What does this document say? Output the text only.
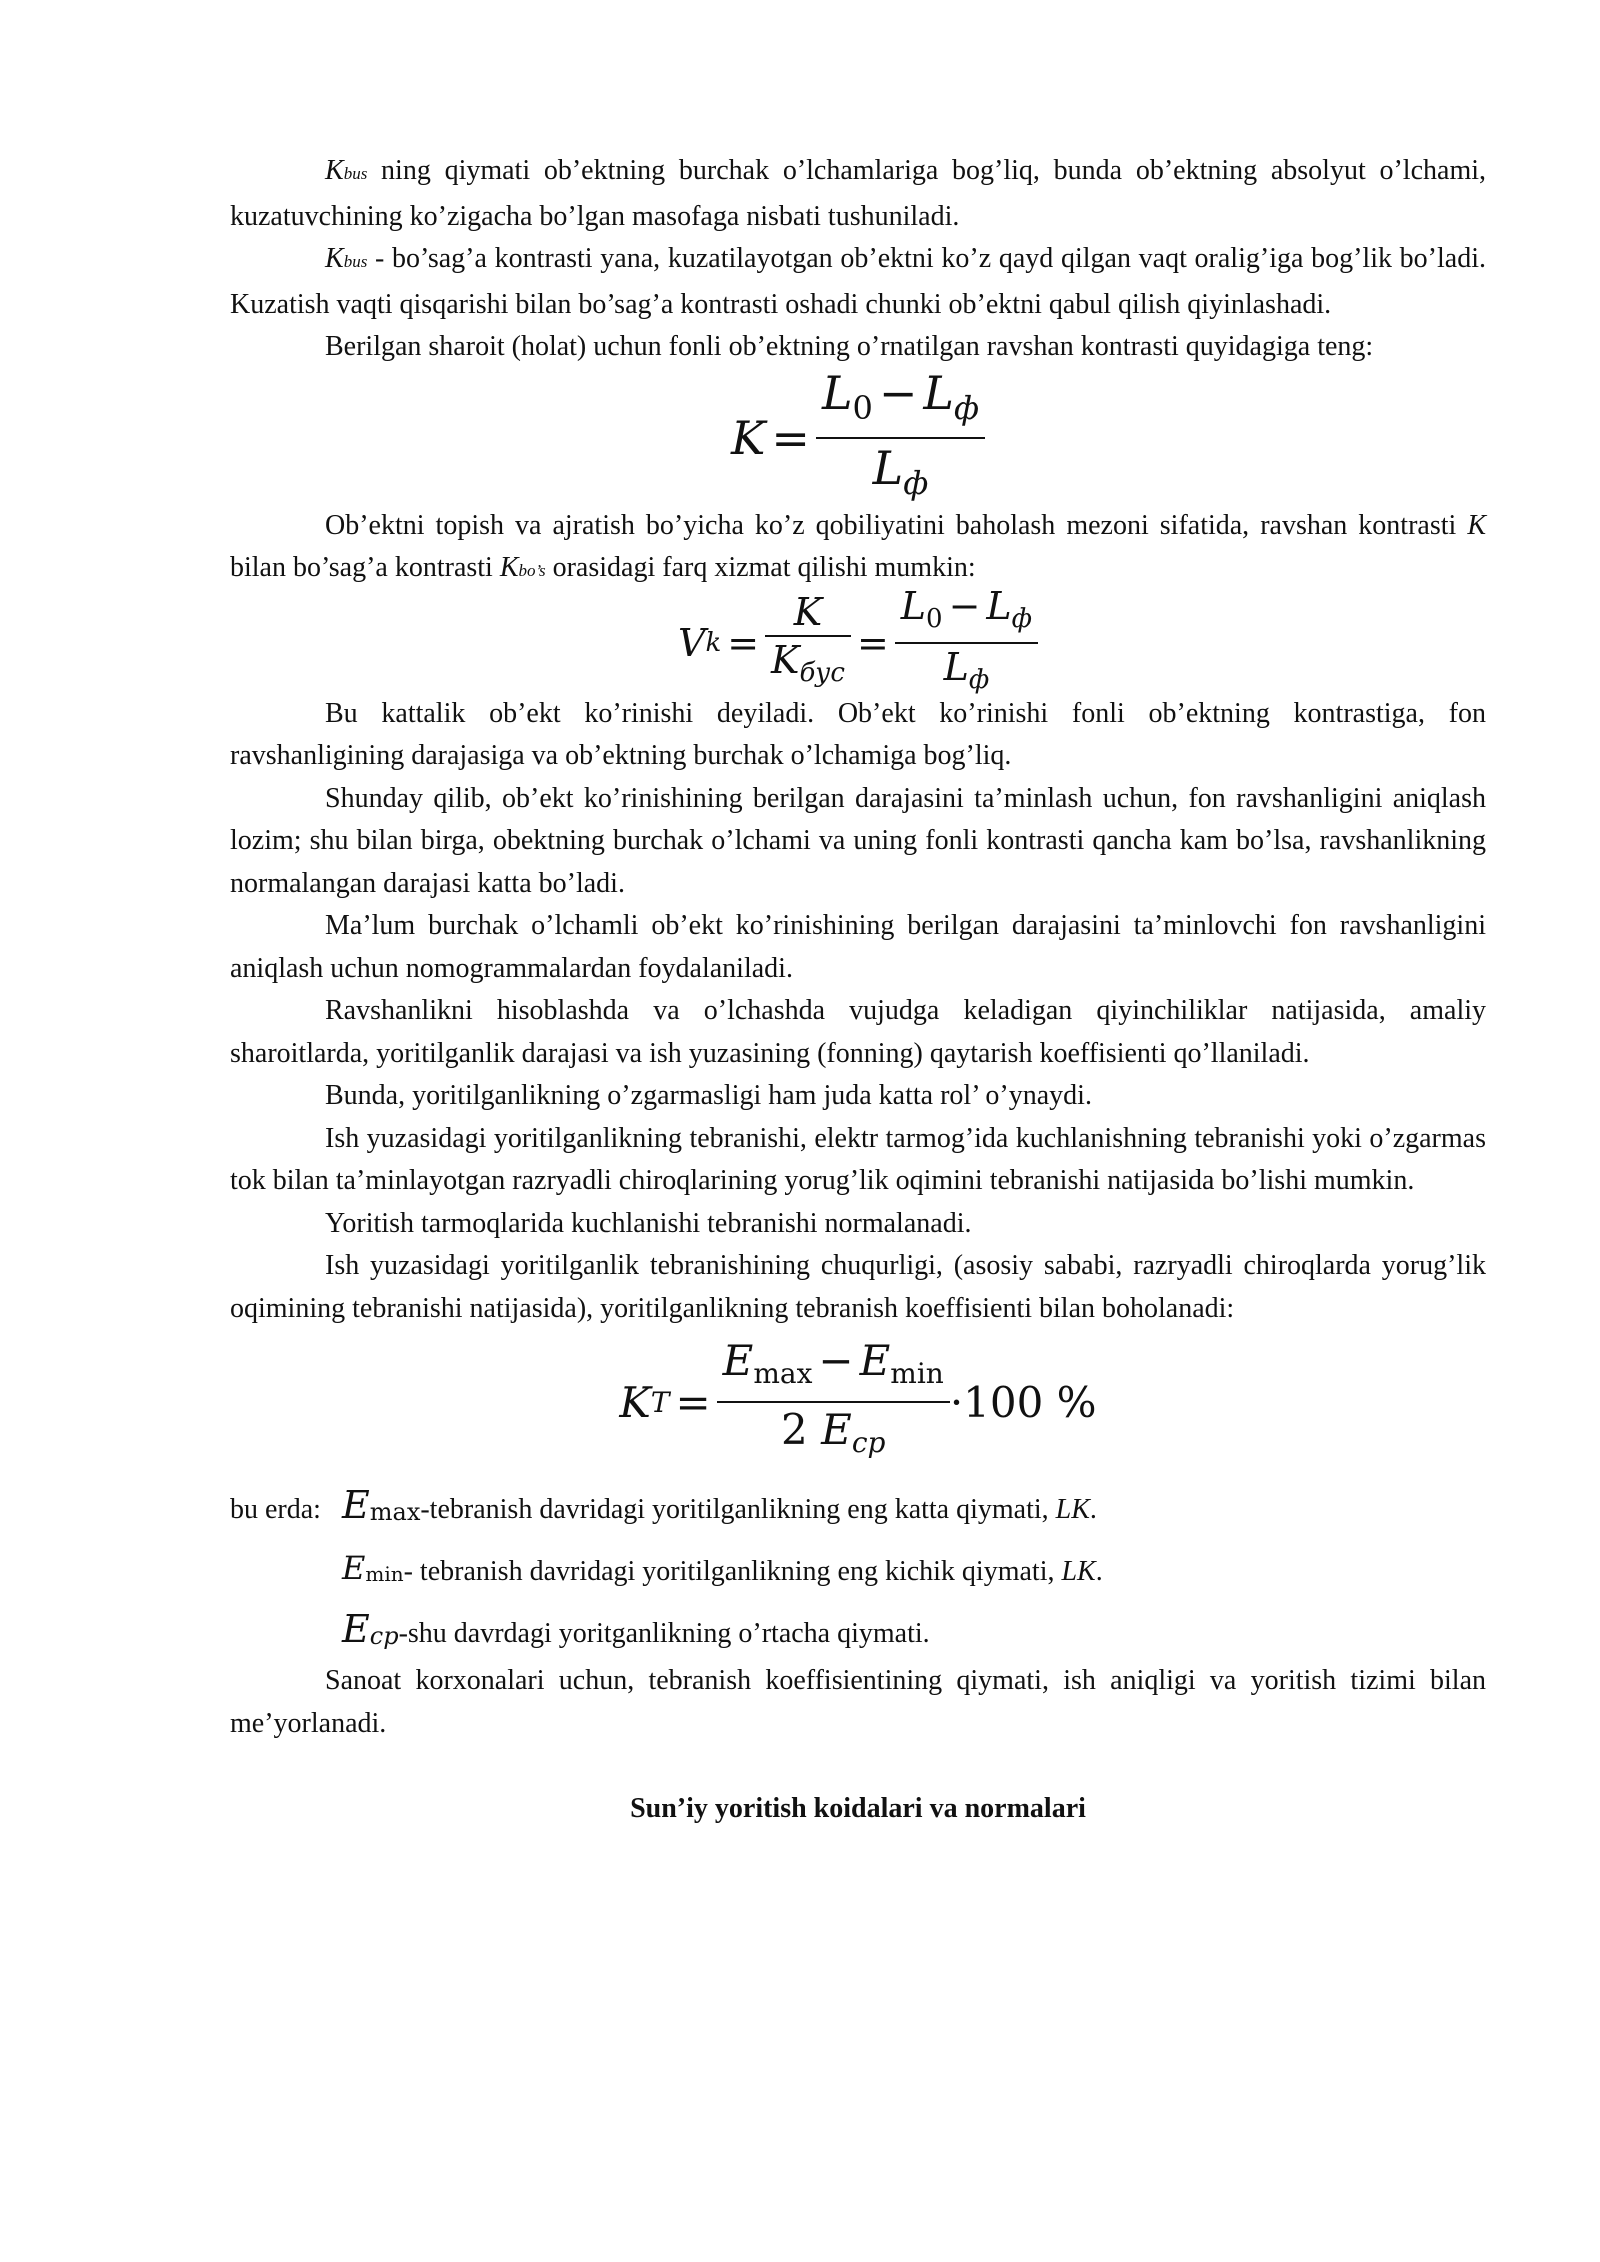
Kbus ning qiymati ob’ektning burchak o’lchamlariga bog’liq, bunda ob’ektning absolyut o’lchami, kuzatuvchining ko’zigacha bo’lgan masofaga nisbati tushuniladi.

Kbus - bo’sag’a kontrasti yana, kuzatilayotgan ob’ektni ko’z qayd qilgan vaqt oralig’iga bog’lik bo’ladi. Kuzatish vaqti qisqarishi bilan bo’sag’a kontrasti oshadi chunki ob’ektni qabul qilish qiyinlashadi.

Berilgan sharoit (holat) uchun fonli ob’ektning o’rnatilgan ravshan kontrasti quyidagiga teng:

$K = \frac{L_0 - L_ф}{L_ф}$

Ob’ektni topish va ajratish bo’yicha ko’z qobiliyatini baholash mezoni sifatida, ravshan kontrasti K bilan bo’sag’a kontrasti Kbo’s orasidagi farq xizmat qilishi mumkin:

V $k = \frac{K}{K_{бус}} = \frac{L_0 - L_ф}{L_ф}$

Bu kattalik ob’ekt ko’rinishi deyiladi. Ob’ekt ko’rinishi fonli ob’ektning kontrastiga, fon ravshanligining darajasiga va ob’ektning burchak o’lchamiga bog’liq.

Shunday qilib, ob’ekt ko’rinishining berilgan darajasini ta’minlash uchun, fon ravshanligini aniqlash lozim; shu bilan birga, obektning burchak o’lchami va uning fonli kontrasti qancha kam bo’lsa, ravshanlikning normalangan darajasi katta bo’ladi.

Ma’lum burchak o’lchamli ob’ekt ko’rinishining berilgan darajasini ta’minlovchi fon ravshanligini aniqlash uchun nomogrammalardan foydalaniladi.

Ravshanlikni hisoblashda va o’lchashda vujudga keladigan qiyinchiliklar natijasida, amaliy sharoitlarda, yoritilganlik darajasi va ish yuzasining (fonning) qaytarish koeffisienti qo’llaniladi.

Bunda, yoritilganlikning o’zgarmasligi ham juda katta rol’ o’ynaydi.

Ish yuzasidagi yoritilganlikning tebranishi, elektr tarmog’ida kuchlanishning tebranishi yoki o’zgarmas tok bilan ta’minlayotgan razryadli chiroqlarining yorug’lik oqimini tebranishi natijasida bo’lishi mumkin.

Yoritish tarmoqlarida kuchlanishi tebranishi normalanadi.

Ish yuzasidagi yoritilganlik tebranishining chuqurligi, (asosiy sababi, razryadli chiroqlarda yorug’lik oqimining tebranishi natijasida), yoritilganlikning tebranish koeffisienti bilan boholanadi:

K $T = \frac{Emax - Emin}{\text{2 Eср}} \cdot 100$ %
bu erda: Emax -tebranish davridagi yoritilganlikning eng katta qiymati, LK.
Emin - tebranish davridagi yoritilganlikning eng kichik qiymati, LK.
Eср -shu davrdagi yoritganlikning o’rtacha qiymati.

Sanoat korxonalari uchun, tebranish koeffisientining qiymati, ish aniqligi va yoritish tizimi bilan me’yorlanadi.

Sun’iy yoritish koidalari va normalari
